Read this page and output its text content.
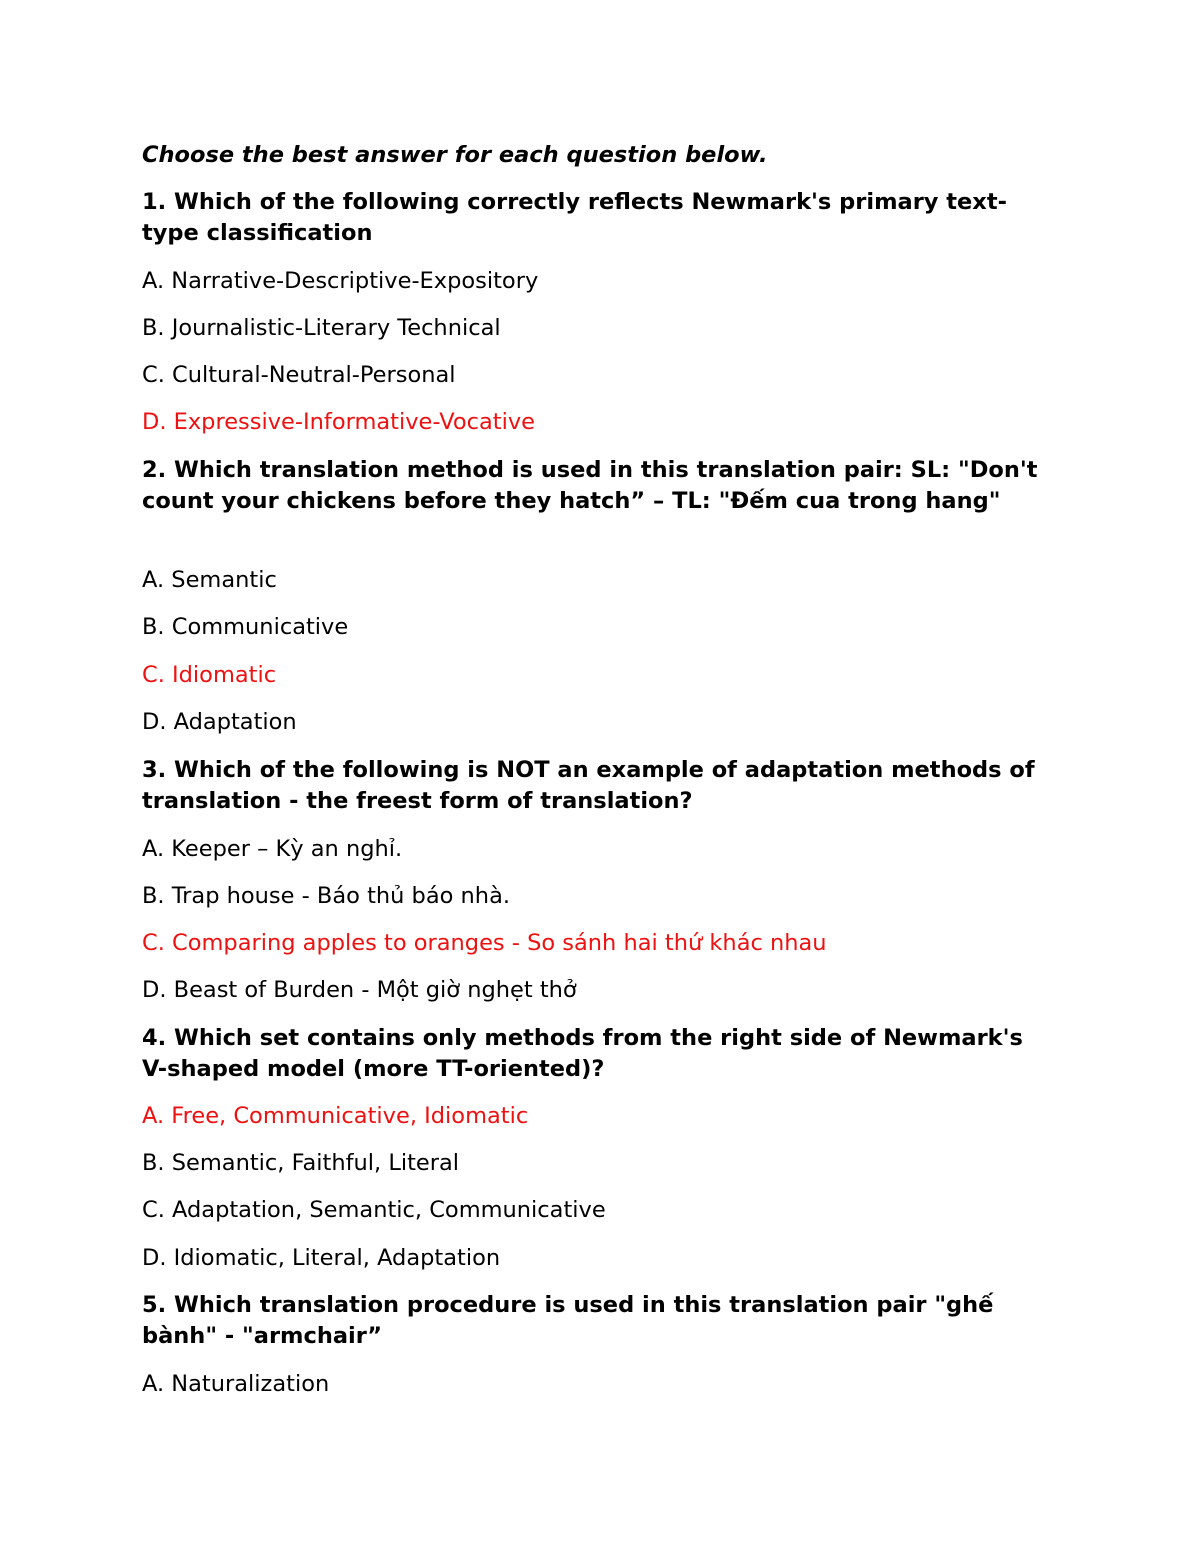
Choose the best answer for each question below.
1. Which of the following correctly reflects Newmark's primary text-type classification
A. Narrative-Descriptive-Expository
B. Journalistic-Literary Technical
C. Cultural-Neutral-Personal
D. Expressive-Informative-Vocative
2. Which translation method is used in this translation pair: SL: "Don't count your chickens before they hatch” – TL: "Đếm cua trong hang"
A. Semantic
B. Communicative
C. Idiomatic
D. Adaptation
3. Which of the following is NOT an example of adaptation methods of translation - the freest form of translation?
A. Keeper – Kỳ an nghỉ.
B. Trap house - Báo thủ báo nhà.
C. Comparing apples to oranges - So sánh hai thứ khác nhau
D. Beast of Burden - Một giờ nghẹt thở
4. Which set contains only methods from the right side of Newmark's V-shaped model (more TT-oriented)?
A. Free, Communicative, Idiomatic
B. Semantic, Faithful, Literal
C. Adaptation, Semantic, Communicative
D. Idiomatic, Literal, Adaptation
5. Which translation procedure is used in this translation pair "ghế bành" - "armchair”
A. Naturalization
